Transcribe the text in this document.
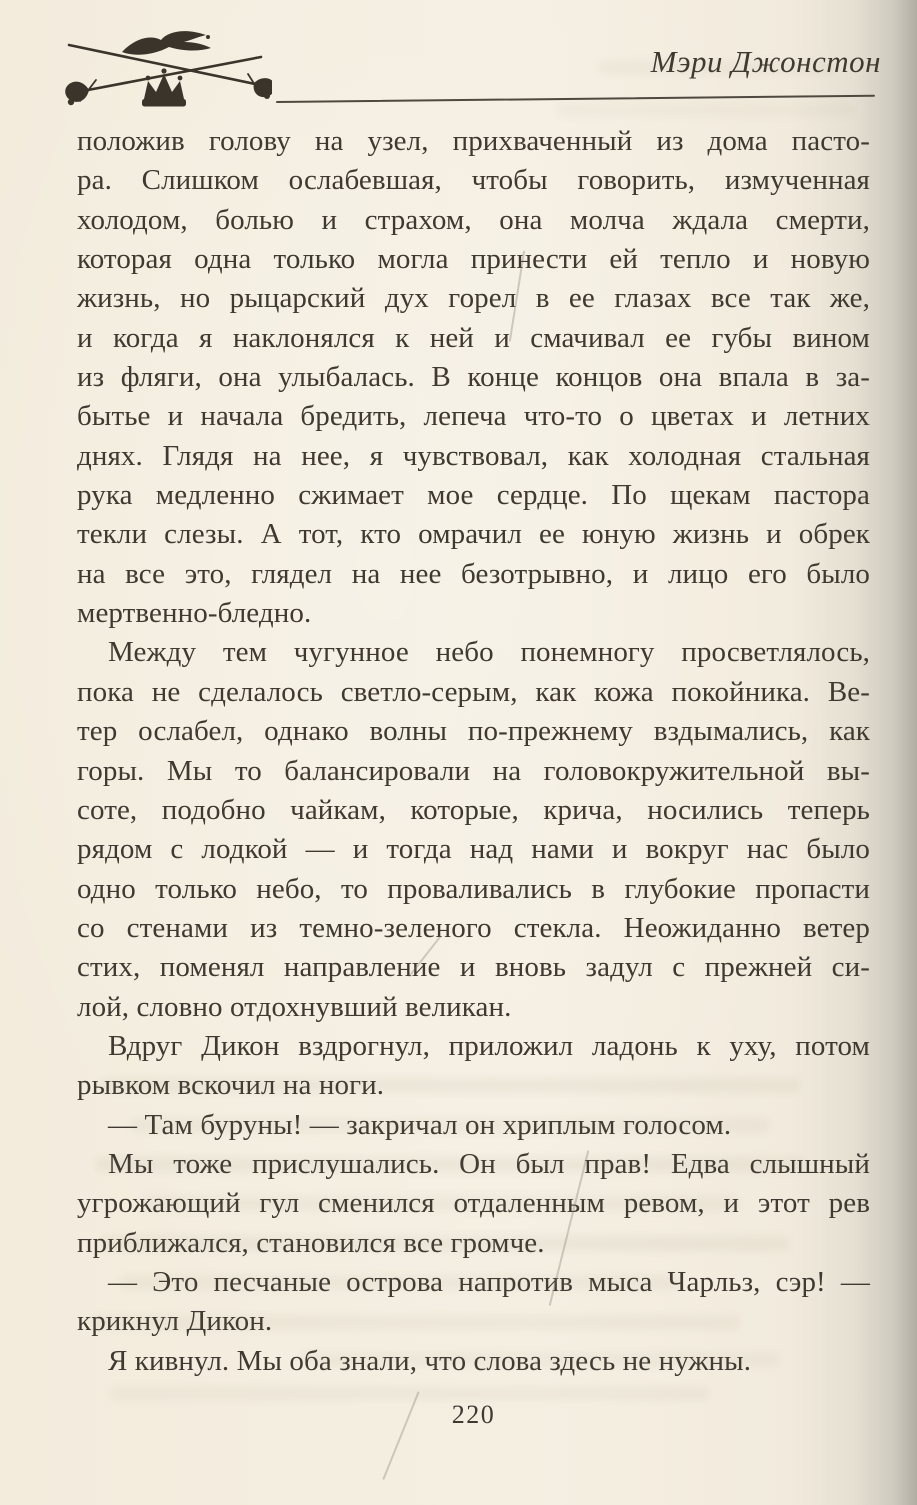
Мэри Джонстон
положив голову на узел, прихваченный из дома пасто-
ра. Слишком ослабевшая, чтобы говорить, измученная
холодом, болью и страхом, она молча ждала смерти,
которая одна только могла принести ей тепло и новую
жизнь, но рыцарский дух горел в ее глазах все так же,
и когда я наклонялся к ней и смачивал ее губы вином
из фляги, она улыбалась. В конце концов она впала в за-
бытье и начала бредить, лепеча что-то о цветах и летних
днях. Глядя на нее, я чувствовал, как холодная стальная
рука медленно сжимает мое сердце. По щекам пастора
текли слезы. А тот, кто омрачил ее юную жизнь и обрек
на все это, глядел на нее безотрывно, и лицо его было
мертвенно-бледно.
Между тем чугунное небо понемногу просветлялось,
пока не сделалось светло-серым, как кожа покойника. Ве-
тер ослабел, однако волны по-прежнему вздымались, как
горы. Мы то балансировали на головокружительной вы-
соте, подобно чайкам, которые, крича, носились теперь
рядом с лодкой — и тогда над нами и вокруг нас было
одно только небо, то проваливались в глубокие пропасти
со стенами из темно-зеленого стекла. Неожиданно ветер
стих, поменял направление и вновь задул с прежней си-
лой, словно отдохнувший великан.
Вдруг Дикон вздрогнул, приложил ладонь к уху, потом
рывком вскочил на ноги.
— Там буруны! — закричал он хриплым голосом.
Мы тоже прислушались. Он был прав! Едва слышный
угрожающий гул сменился отдаленным ревом, и этот рев
приближался, становился все громче.
— Это песчаные острова напротив мыса Чарльз, сэр! —
крикнул Дикон.
Я кивнул. Мы оба знали, что слова здесь не нужны.
220
